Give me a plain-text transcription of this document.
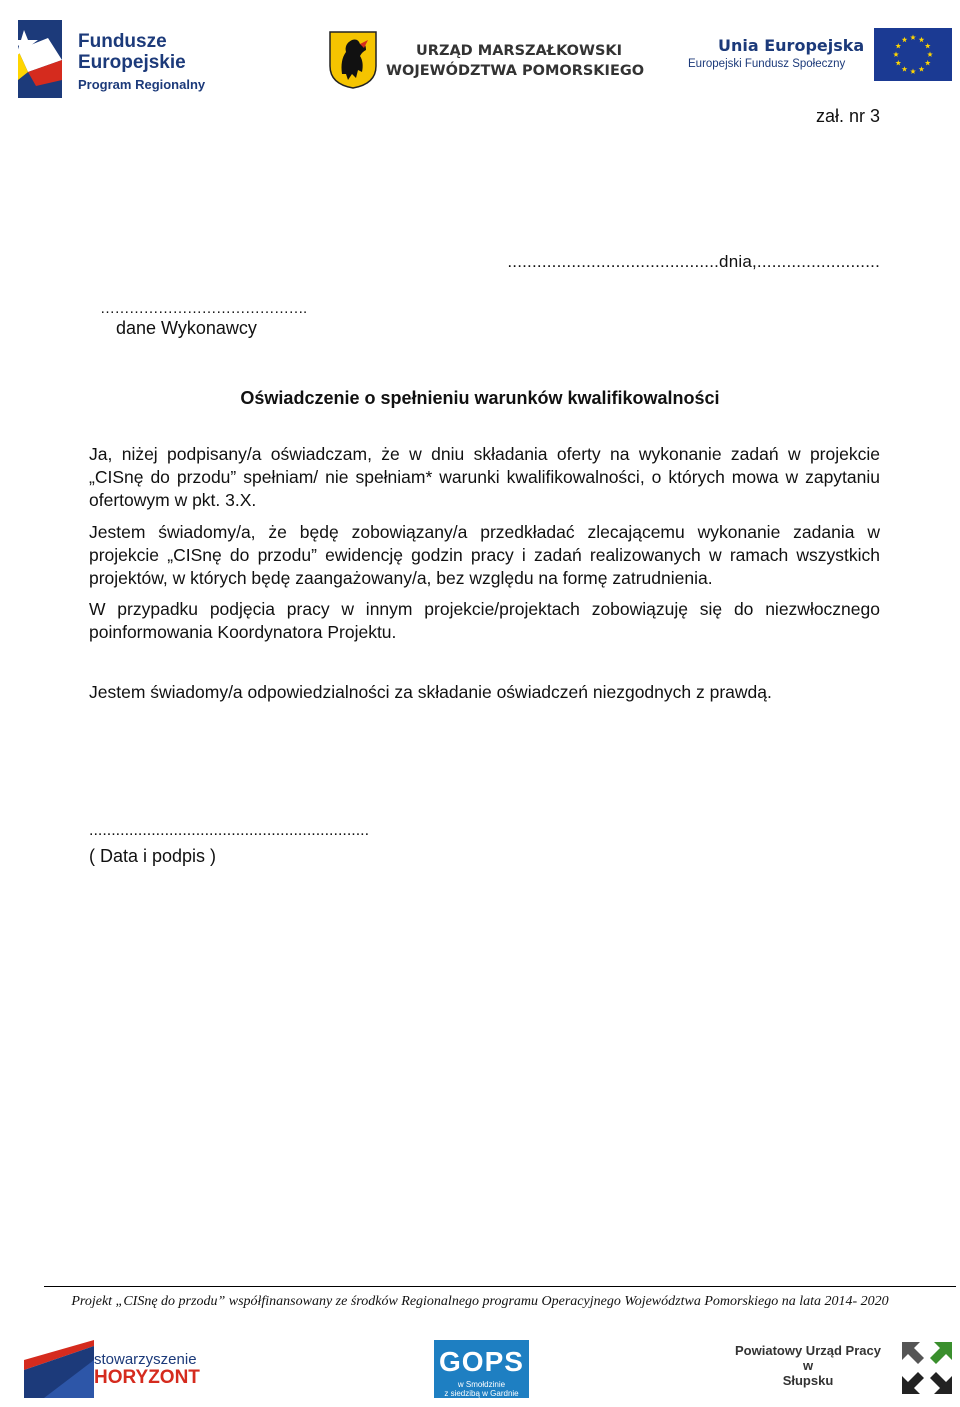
Fundusze
Europejskie
Program Regionalny
URZĄD MARSZAŁKOWSKI
WOJEWÓDZTWA POMORSKIEGO
Unia Europejska
Europejski Fundusz Społeczny
zał. nr 3
...........................................dnia,.........................
…………………………………….
dane Wykonawcy
Oświadczenie o spełnieniu warunków kwalifikowalności
Ja, niżej podpisany/a oświadczam, że w dniu składania oferty na wykonanie zadań w projekcie „CISnę do przodu” spełniam/ nie spełniam* warunki kwalifikowalności, o których mowa w zapytaniu ofertowym w pkt. 3.X.
Jestem świadomy/a, że będę zobowiązany/a przedkładać zlecającemu wykonanie zadania w projekcie „CISnę do przodu” ewidencję godzin pracy i zadań realizowanych w ramach wszystkich projektów, w których będę zaangażowany/a, bez względu na formę zatrudnienia.
W przypadku podjęcia pracy w innym projekcie/projektach zobowiązuję się do niezwłocznego poinformowania Koordynatora Projektu.
Jestem świadomy/a odpowiedzialności za składanie oświadczeń niezgodnych z prawdą.
...............................................................
( Data i podpis )
Projekt „CISnę do przodu” współfinansowany ze środków Regionalnego programu Operacyjnego Województwa Pomorskiego na lata 2014- 2020
stowarzyszenie
HORYZONT
GOPS
w Smołdzinie
z siedzibą w Gardnie Wielkiej
Powiatowy Urząd Pracy
w
Słupsku
